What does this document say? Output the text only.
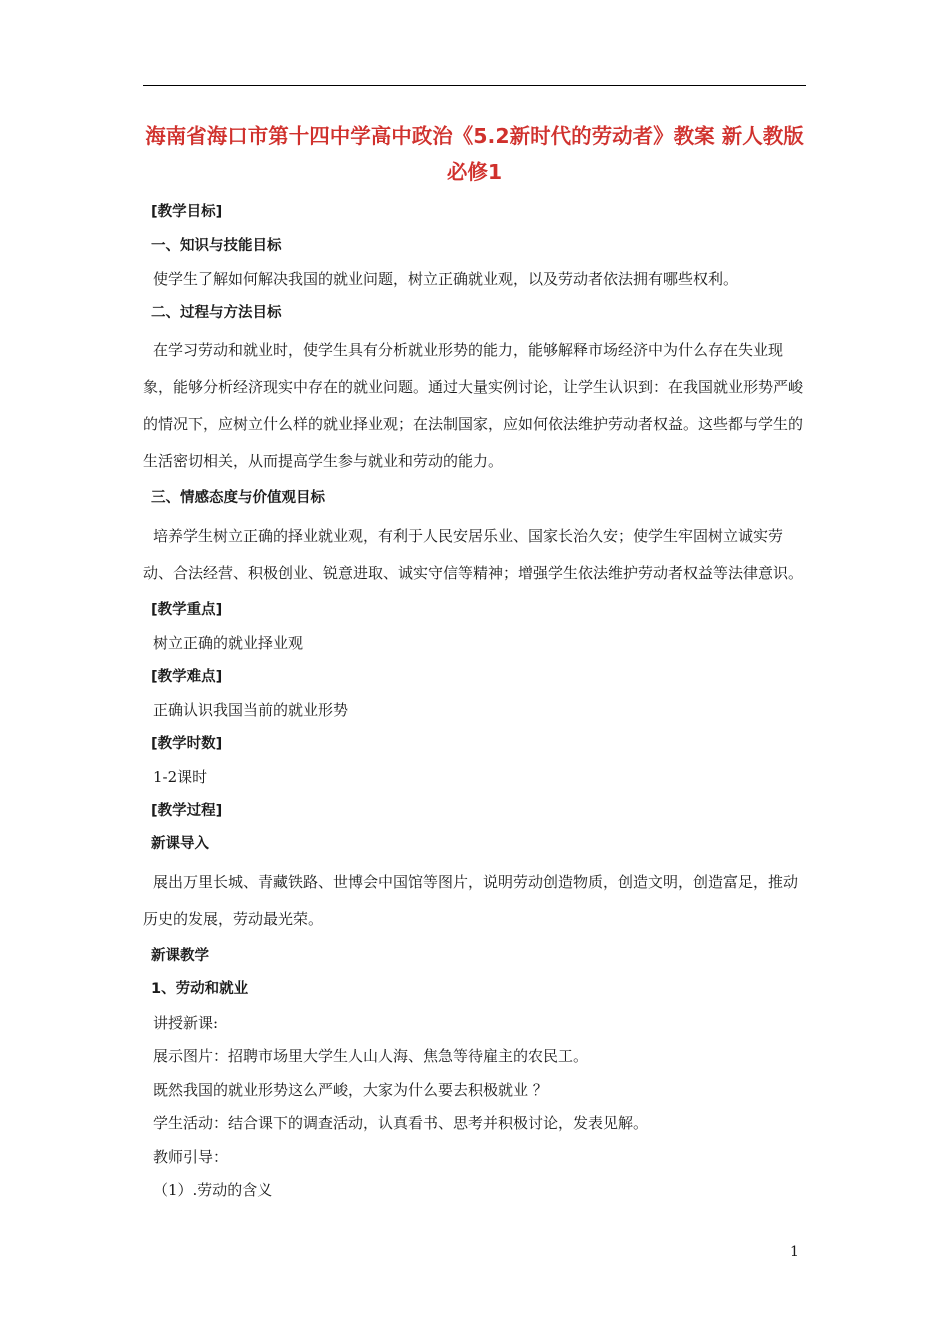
海南省海口市第十四中学高中政治《5.2新时代的劳动者》教案 新人教版必修1
[教学目标]
一、知识与技能目标
使学生了解如何解决我国的就业问题，树立正确就业观，以及劳动者依法拥有哪些权利。
二、过程与方法目标
在学习劳动和就业时，使学生具有分析就业形势的能力，能够解释市场经济中为什么存在失业现象，能够分析经济现实中存在的就业问题。通过大量实例讨论，让学生认识到：在我国就业形势严峻的情况下，应树立什么样的就业择业观；在法制国家，应如何依法维护劳动者权益。这些都与学生的生活密切相关，从而提高学生参与就业和劳动的能力。
三、情感态度与价值观目标
培养学生树立正确的择业就业观，有利于人民安居乐业、国家长治久安；使学生牢固树立诚实劳动、合法经营、积极创业、锐意进取、诚实守信等精神；增强学生依法维护劳动者权益等法律意识。
[教学重点]
树立正确的就业择业观
[教学难点]
正确认识我国当前的就业形势
[教学时数]
1-2课时
[教学过程]
新课导入
展出万里长城、青藏铁路、世博会中国馆等图片，说明劳动创造物质，创造文明，创造富足，推动历史的发展，劳动最光荣。
新课教学
1、劳动和就业
讲授新课:
展示图片：招聘市场里大学生人山人海、焦急等待雇主的农民工。
既然我国的就业形势这么严峻，大家为什么要去积极就业 ？
学生活动：结合课下的调查活动，认真看书、思考并积极讨论，发表见解。
教师引导：
（1）.劳动的含义
1
